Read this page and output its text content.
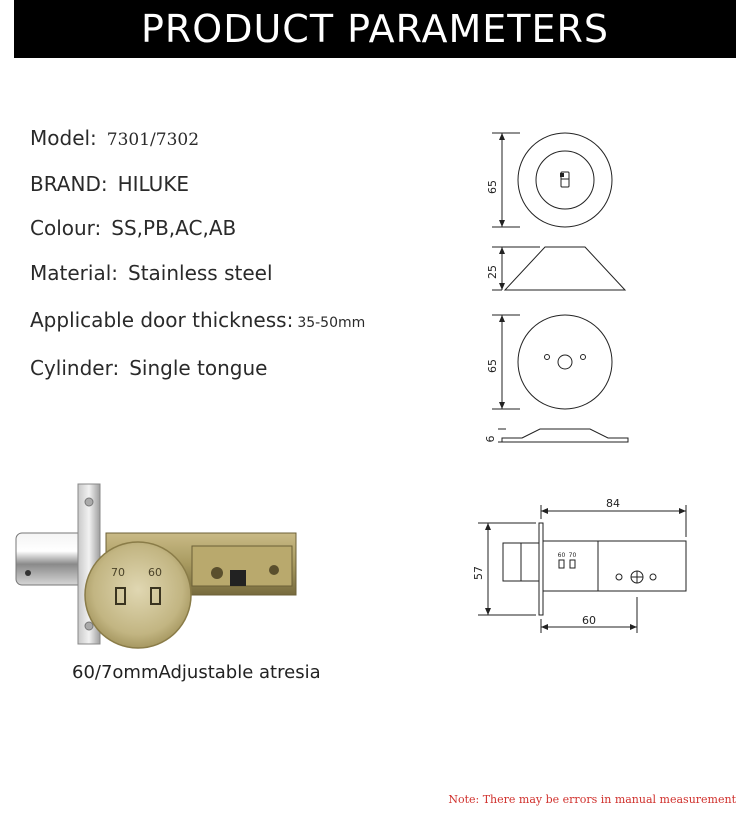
PRODUCT PARAMETERS
Model: 7301/7302
BRAND: HILUKE
Colour: SS,PB,AC,AB
Material: Stainless steel
Applicable door thickness: 35-50mm
Cylinder: Single tongue
65
25
65
6
84
57
60
60 70
70 60
60/7ommAdjustable atresia
Note: There may be errors in manual measurement
